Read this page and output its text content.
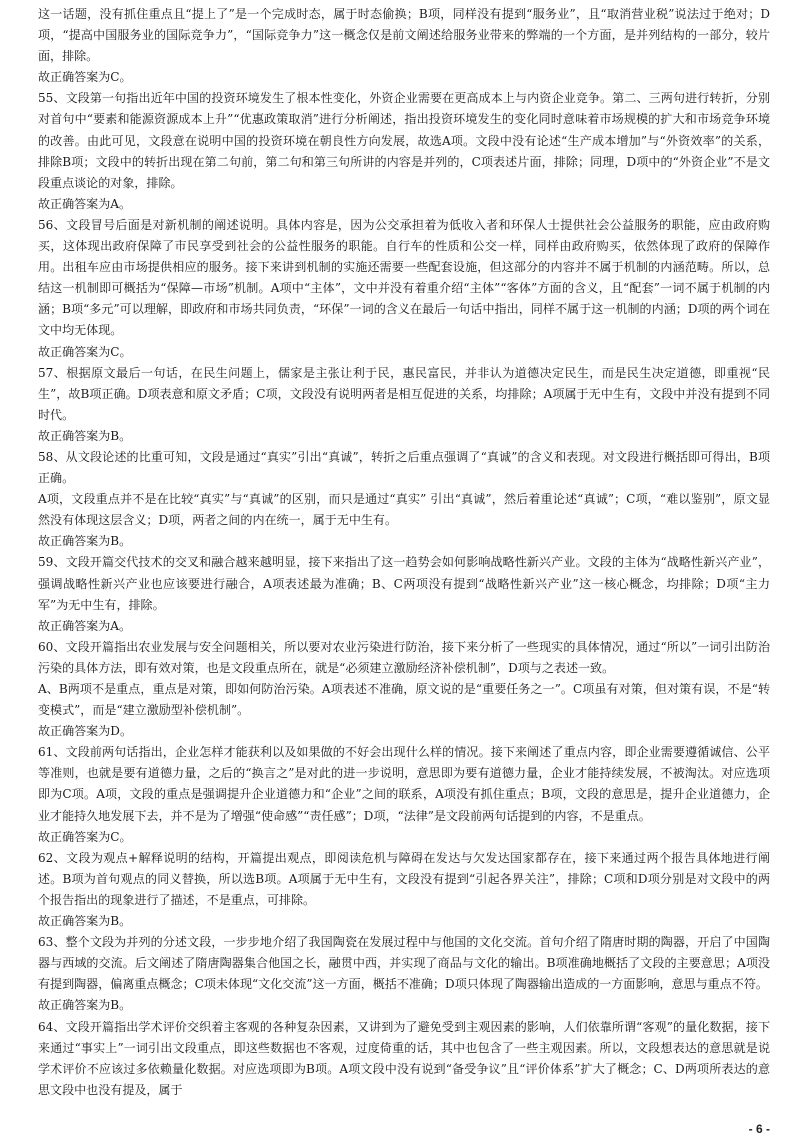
这一话题，没有抓住重点且“提上了”是一个完成时态，属于时态偷换；B项，同样没有提到“服务业”，且“取消营业税”说法过于绝对；D项，“提高中国服务业的国际竞争力”，“国际竞争力”这一概念仅是前文阐述给服务业带来的弊端的一个方面，是并列结构的一部分，较片面，排除。

故正确答案为C。

55、文段第一句指出近年中国的投资环境发生了根本性变化，外资企业需要在更高成本上与内资企业竞争。第二、三两句进行转折，分别对首句中“要素和能源资源成本上升”“优惠政策取消”进行分析阐述，指出投资环境发生的变化同时意味着市场规模的扩大和市场竞争环境的改善。由此可见，文段意在说明中国的投资环境在朝良性方向发展，故选A项。文段中没有论述“生产成本增加”与“外资效率”的关系，排除B项；文段中的转折出现在第二句前，第二句和第三句所讲的内容是并列的，C项表述片面，排除；同理，D项中的“外资企业”不是文段重点谈论的对象，排除。

故正确答案为A。

56、文段冒号后面是对新机制的阐述说明。具体内容是，因为公交承担着为低收入者和环保人士提供社会公益服务的职能，应由政府购买，这体现出政府保障了市民享受到社会的公益性服务的职能。自行车的性质和公交一样，同样由政府购买，依然体现了政府的保障作用。出租车应由市场提供相应的服务。接下来讲到机制的实施还需要一些配套设施，但这部分的内容并不属于机制的内涵范畴。所以，总结这一机制即可概括为“保障—市场”机制。A项中“主体”，文中并没有着重介绍“主体”“客体”方面的含义，且“配套”一词不属于机制的内涵；B项“多元”可以理解，即政府和市场共同负责，“环保”一词的含义在最后一句话中指出，同样不属于这一机制的内涵；D项的两个词在文中均无体现。

故正确答案为C。

57、根据原文最后一句话，在民生问题上，儒家是主张让利于民，惠民富民，并非认为道德决定民生，而是民生决定道德，即重视“民生”，故B项正确。D项表意和原文矛盾；C项，文段没有说明两者是相互促进的关系，均排除；A项属于无中生有，文段中并没有提到不同时代。

故正确答案为B。

58、从文段论述的比重可知，文段是通过“真实”引出“真诚”，转折之后重点强调了“真诚”的含义和表现。对文段进行概括即可得出，B项正确。

A项，文段重点并不是在比较“真实”与“真诚”的区别，而只是通过“真实” 引出“真诚”，然后着重论述“真诚”；C项，“难以鉴别”，原文显然没有体现这层含义；D项，两者之间的内在统一，属于无中生有。

故正确答案为B。

59、文段开篇交代技术的交叉和融合越来越明显，接下来指出了这一趋势会如何影响战略性新兴产业。文段的主体为“战略性新兴产业”，强调战略性新兴产业也应该要进行融合，A项表述最为准确；B、C两项没有提到“战略性新兴产业”这一核心概念，均排除；D项“主力军”为无中生有，排除。

故正确答案为A。

60、文段开篇指出农业发展与安全问题相关，所以要对农业污染进行防治，接下来分析了一些现实的具体情况，通过“所以”一词引出防治污染的具体方法，即有效对策，也是文段重点所在，就是“必须建立激励经济补偿机制”，D项与之表述一致。

A、B两项不是重点，重点是对策，即如何防治污染。A项表述不准确，原文说的是“重要任务之一”。C项虽有对策，但对策有误，不是“转变模式”，而是“建立激励型补偿机制”。

故正确答案为D。

61、文段前两句话指出，企业怎样才能获利以及如果做的不好会出现什么样的情况。接下来阐述了重点内容，即企业需要遵循诚信、公平等准则，也就是要有道德力量，之后的“换言之”是对此的进一步说明，意思即为要有道德力量，企业才能持续发展，不被淘汰。对应选项即为C项。A项，文段的重点是强调提升企业道德力和“企业”之间的联系，A项没有抓住重点；B项，文段的意思是，提升企业道德力，企业才能持久地发展下去，并不是为了增强“使命感”“责任感”；D项，“法律”是文段前两句话提到的内容，不是重点。

故正确答案为C。

62、文段为观点+解释说明的结构，开篇提出观点，即阅读危机与障碍在发达与欠发达国家都存在，接下来通过两个报告具体地进行阐述。B项为首句观点的同义替换，所以选B项。A项属于无中生有，文段没有提到“引起各界关注”，排除；C项和D项分别是对文段中的两个报告指出的现象进行了描述，不是重点，可排除。

故正确答案为B。

63、整个文段为并列的分述文段，一步步地介绍了我国陶瓷在发展过程中与他国的文化交流。首句介绍了隋唐时期的陶器，开启了中国陶器与西域的交流。后文阐述了隋唐陶器集合他国之长，融贯中西，并实现了商品与文化的输出。B项准确地概括了文段的主要意思；A项没有提到陶器，偏离重点概念；C项未体现“文化交流”这一方面，概括不准确；D项只体现了陶器输出造成的一方面影响，意思与重点不符。

故正确答案为B。

64、文段开篇指出学术评价交织着主客观的各种复杂因素，又讲到为了避免受到主观因素的影响，人们依靠所谓“客观”的量化数据，接下来通过“事实上”一词引出文段重点，即这些数据也不客观，过度倚重的话，其中也包含了一些主观因素。所以，文段想表达的意思就是说学术评价不应该过多依赖量化数据。对应选项即为B项。A项文段中没有说到“备受争议”且“评价体系”扩大了概念；C、D两项所表达的意思文段中也没有提及，属于

- 6 -
